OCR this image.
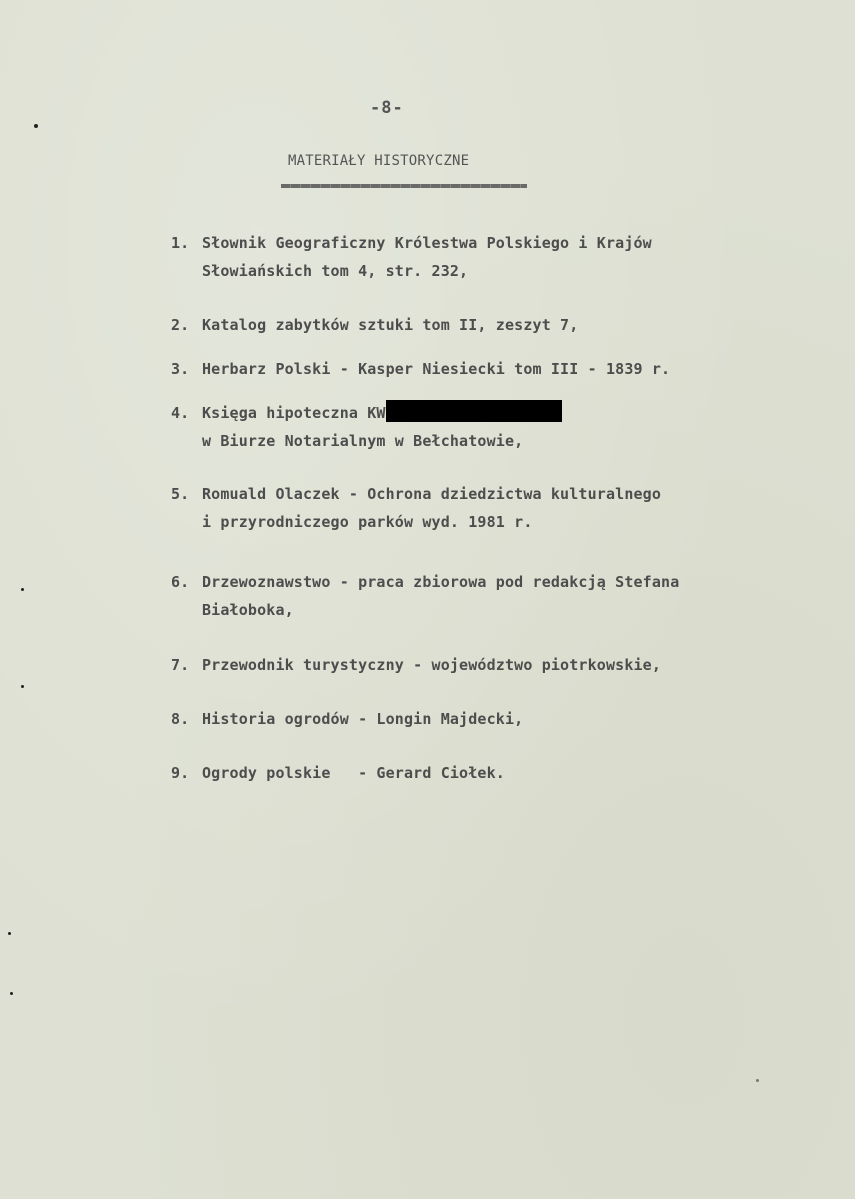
-8-
MATERIAŁY HISTORYCZNE
1. Słownik Geograficzny Królestwa Polskiego i Krajów
Słowiańskich tom 4, str. 232,
2. Katalog zabytków sztuki tom II, zeszyt 7,
3. Herbarz Polski - Kasper Niesiecki tom III - 1839 r.
4. Księga hipoteczna KW
w Biurze Notarialnym w Bełchatowie,
5. Romuald Olaczek - Ochrona dziedzictwa kulturalnego
i przyrodniczego parków wyd. 1981 r.
6. Drzewoznawstwo - praca zbiorowa pod redakcją Stefana
Białoboka,
7. Przewodnik turystyczny - województwo piotrkowskie,
8. Historia ogrodów - Longin Majdecki,
9. Ogrody polskie   - Gerard Ciołek.
